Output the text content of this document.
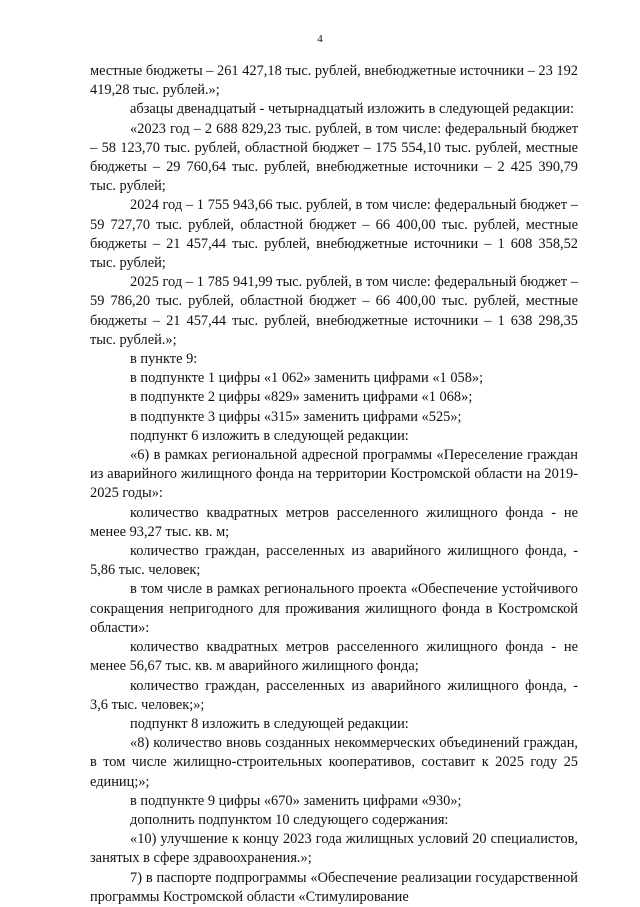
4

местные бюджеты – 261 427,18 тыс. рублей, внебюджетные источники – 23 192 419,28 тыс. рублей.»;

абзацы двенадцатый - четырнадцатый изложить в следующей редакции:

«2023 год – 2 688 829,23 тыс. рублей, в том числе: федеральный бюджет – 58 123,70 тыс. рублей, областной бюджет – 175 554,10 тыс. рублей, местные бюджеты – 29 760,64 тыс. рублей, внебюджетные источники – 2 425 390,79 тыс. рублей;

2024 год – 1 755 943,66 тыс. рублей, в том числе: федеральный бюджет – 59 727,70 тыс. рублей, областной бюджет – 66 400,00 тыс. рублей, местные бюджеты – 21 457,44 тыс. рублей, внебюджетные источники – 1 608 358,52 тыс. рублей;

2025 год – 1 785 941,99 тыс. рублей, в том числе: федеральный бюджет – 59 786,20 тыс. рублей, областной бюджет – 66 400,00 тыс. рублей, местные бюджеты – 21 457,44 тыс. рублей, внебюджетные источники – 1 638 298,35 тыс. рублей.»;

в пункте 9:

в подпункте 1 цифры «1 062» заменить цифрами «1 058»;

в подпункте 2 цифры «829» заменить цифрами «1 068»;

в подпункте 3 цифры «315» заменить цифрами «525»;

подпункт 6 изложить в следующей редакции:

«6) в рамках региональной адресной программы «Переселение граждан из аварийного жилищного фонда на территории Костромской области на 2019-2025 годы»:

количество квадратных метров расселенного жилищного фонда - не менее 93,27 тыс. кв. м;

количество граждан, расселенных из аварийного жилищного фонда, - 5,86 тыс. человек;

в том числе в рамках регионального проекта «Обеспечение устойчивого сокращения непригодного для проживания жилищного фонда в Костромской области»:

количество квадратных метров расселенного жилищного фонда - не менее 56,67 тыс. кв. м аварийного жилищного фонда;

количество граждан, расселенных из аварийного жилищного фонда, - 3,6 тыс. человек;»;

подпункт 8 изложить в следующей редакции:

«8) количество вновь созданных некоммерческих объединений граждан, в том числе жилищно-строительных кооперативов, составит к 2025 году 25 единиц;»;

в подпункте 9 цифры «670» заменить цифрами «930»;

дополнить подпунктом 10 следующего содержания:

«10) улучшение к концу 2023 года жилищных условий 20 специалистов, занятых в сфере здравоохранения.»;

7) в паспорте подпрограммы «Обеспечение реализации государственной программы Костромской области «Стимулирование
